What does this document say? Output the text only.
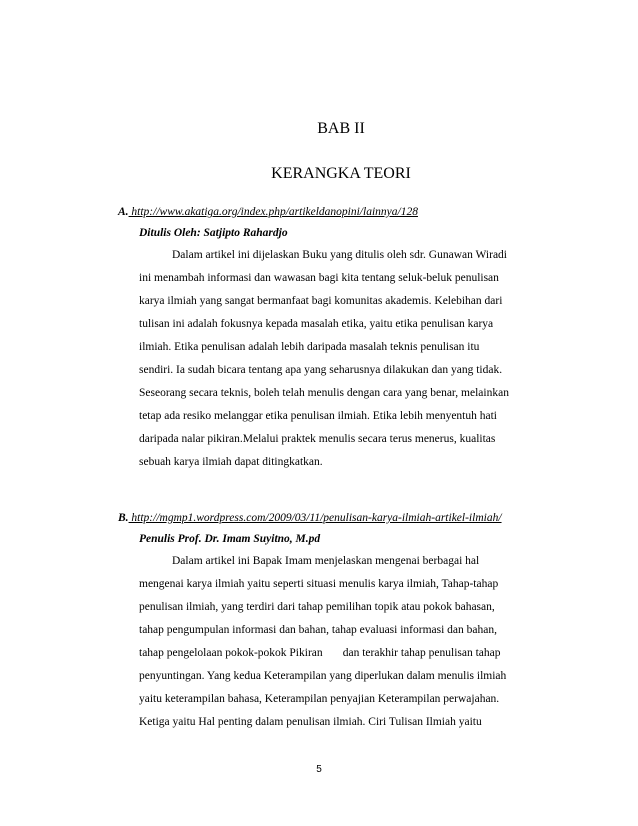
BAB II
KERANGKA TEORI
A. http://www.akatiga.org/index.php/artikeldanopini/lainnya/128
Ditulis Oleh: Satjipto Rahardjo
Dalam artikel ini dijelaskan Buku yang ditulis oleh sdr. Gunawan Wiradi
ini menambah informasi dan wawasan bagi kita tentang seluk-beluk penulisan
karya ilmiah yang sangat bermanfaat bagi komunitas akademis. Kelebihan dari
tulisan ini adalah fokusnya kepada masalah etika, yaitu etika penulisan karya
ilmiah. Etika penulisan adalah lebih daripada masalah teknis penulisan itu
sendiri. Ia sudah bicara tentang apa yang seharusnya dilakukan dan yang tidak.
Seseorang secara teknis, boleh telah menulis dengan cara yang benar, melainkan
tetap ada resiko melanggar etika penulisan ilmiah. Etika lebih menyentuh hati
daripada nalar pikiran.Melalui praktek menulis secara terus menerus, kualitas
sebuah karya ilmiah dapat ditingkatkan.
B. http://mgmp1.wordpress.com/2009/03/11/penulisan-karya-ilmiah-artikel-ilmiah/
Penulis Prof. Dr. Imam Suyitno, M.pd
Dalam artikel ini Bapak Imam menjelaskan mengenai berbagai hal
mengenai karya ilmiah yaitu seperti situasi menulis karya ilmiah, Tahap-tahap
penulisan ilmiah, yang terdiri dari tahap pemilihan topik atau pokok bahasan,
tahap pengumpulan informasi dan bahan, tahap evaluasi informasi dan bahan,
tahap pengelolaan pokok-pokok Pikiran       dan terakhir tahap penulisan tahap
penyuntingan. Yang kedua Keterampilan yang diperlukan dalam menulis ilmiah
yaitu keterampilan bahasa, Keterampilan penyajian Keterampilan perwajahan.
Ketiga yaitu Hal penting dalam penulisan ilmiah. Ciri Tulisan Ilmiah yaitu
5
